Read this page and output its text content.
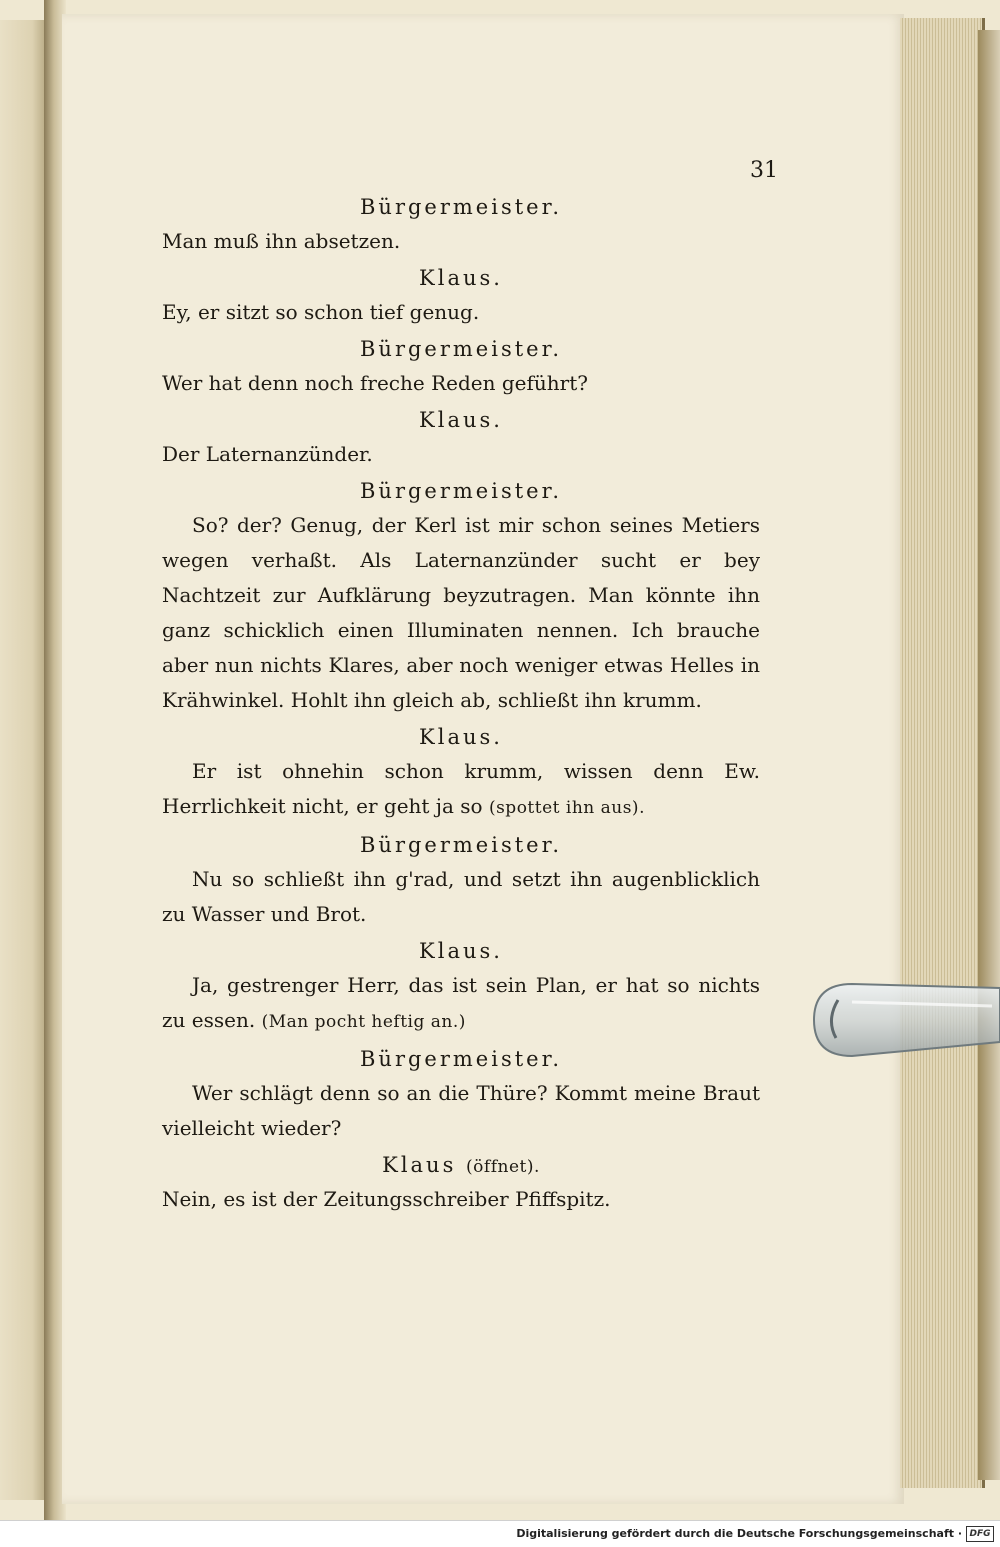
31
Bürgermeister.
Man muß ihn absetzen.
Klaus.
Ey, er sitzt so schon tief genug.
Bürgermeister.
Wer hat denn noch freche Reden geführt?
Klaus.
Der Laternanzünder.
Bürgermeister.
So? der? Genug, der Kerl ist mir schon seines Metiers wegen verhaßt. Als Laternanzünder sucht er bey Nachtzeit zur Aufklärung beyzutragen. Man könnte ihn ganz schicklich einen Illuminaten nennen. Ich brauche aber nun nichts Klares, aber noch weniger etwas Helles in Krähwinkel. Hohlt ihn gleich ab, schließt ihn krumm.
Klaus.
Er ist ohnehin schon krumm, wissen denn Ew. Herrlichkeit nicht, er geht ja so (spottet ihn aus).
Bürgermeister.
Nu so schließt ihn g'rad, und setzt ihn augenblicklich zu Wasser und Brot.
Klaus.
Ja, gestrenger Herr, das ist sein Plan, er hat so nichts zu essen. (Man pocht heftig an.)
Bürgermeister.
Wer schlägt denn so an die Thüre? Kommt meine Braut vielleicht wieder?
Klaus (öffnet).
Nein, es ist der Zeitungsschreiber Pfiffspitz.
Digitalisierung gefördert durch die Deutsche Forschungsgemeinschaft · DFG
